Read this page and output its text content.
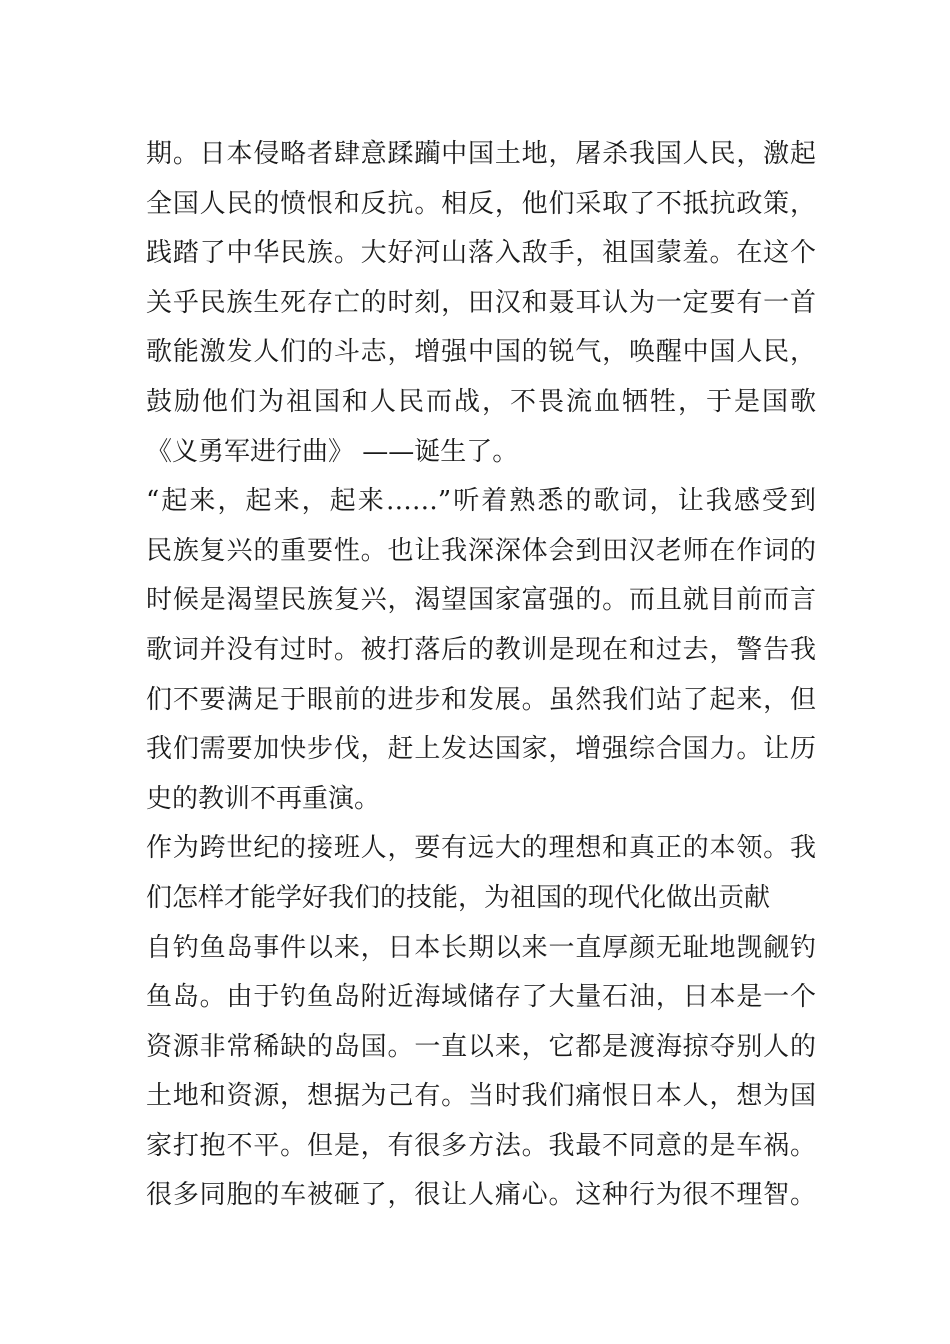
期。日本侵略者肆意蹂躏中国土地，屠杀我国人民，激起
全国人民的愤恨和反抗。相反，他们采取了不抵抗政策，
践踏了中华民族。大好河山落入敌手，祖国蒙羞。在这个
关乎民族生死存亡的时刻，田汉和聂耳认为一定要有一首
歌能激发人们的斗志，增强中国的锐气，唤醒中国人民，
鼓励他们为祖国和人民而战，不畏流血牺牲，于是国歌
《义勇军进行曲》 ——诞生了。
“起来，起来，起来……”听着熟悉的歌词，让我感受到
民族复兴的重要性。也让我深深体会到田汉老师在作词的
时候是渴望民族复兴，渴望国家富强的。而且就目前而言
歌词并没有过时。被打落后的教训是现在和过去，警告我
们不要满足于眼前的进步和发展。虽然我们站了起来，但
我们需要加快步伐，赶上发达国家，增强综合国力。让历
史的教训不再重演。
作为跨世纪的接班人，要有远大的理想和真正的本领。我
们怎样才能学好我们的技能，为祖国的现代化做出贡献
自钓鱼岛事件以来，日本长期以来一直厚颜无耻地觊觎钓
鱼岛。由于钓鱼岛附近海域储存了大量石油，日本是一个
资源非常稀缺的岛国。一直以来，它都是渡海掠夺别人的
土地和资源，想据为己有。当时我们痛恨日本人，想为国
家打抱不平。但是，有很多方法。我最不同意的是车祸。
很多同胞的车被砸了，很让人痛心。这种行为很不理智。
